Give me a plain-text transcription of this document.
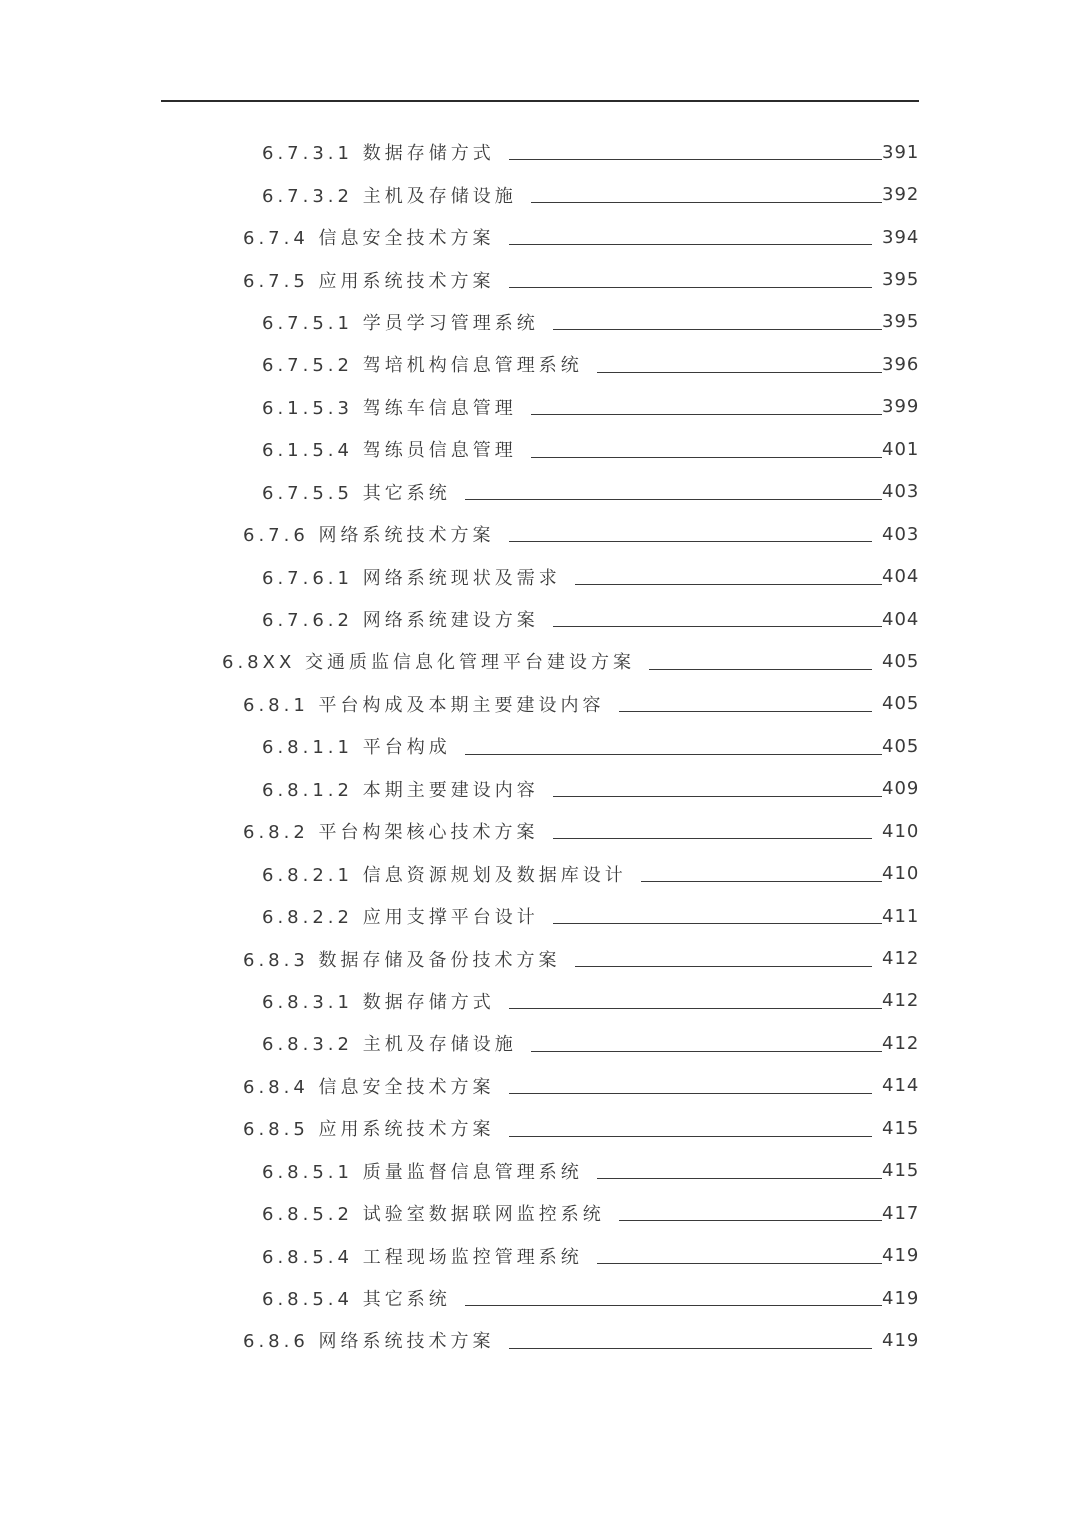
6.7.3.1 数据存储方式	391
6.7.3.2 主机及存储设施	392
6.7.4 信息安全技术方案	394
6.7.5 应用系统技术方案	395
6.7.5.1 学员学习管理系统	395
6.7.5.2 驾培机构信息管理系统	396
6.1.5.3 驾练车信息管理	399
6.1.5.4 驾练员信息管理	401
6.7.5.5 其它系统	403
6.7.6 网络系统技术方案	403
6.7.6.1 网络系统现状及需求	404
6.7.6.2 网络系统建设方案	404
6.8XX 交通质监信息化管理平台建设方案	405
6.8.1 平台构成及本期主要建设内容	405
6.8.1.1 平台构成	405
6.8.1.2 本期主要建设内容	409
6.8.2 平台构架核心技术方案	410
6.8.2.1 信息资源规划及数据库设计	410
6.8.2.2 应用支撑平台设计	411
6.8.3 数据存储及备份技术方案	412
6.8.3.1 数据存储方式	412
6.8.3.2 主机及存储设施	412
6.8.4 信息安全技术方案	414
6.8.5 应用系统技术方案	415
6.8.5.1 质量监督信息管理系统	415
6.8.5.2 试验室数据联网监控系统	417
6.8.5.4 工程现场监控管理系统	419
6.8.5.4 其它系统	419
6.8.6 网络系统技术方案	419
